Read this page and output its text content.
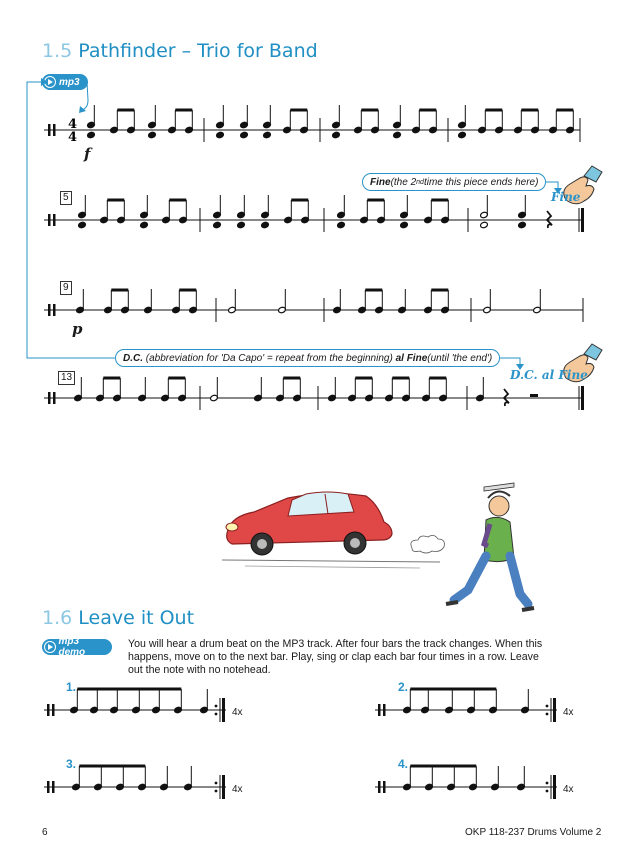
1.5 Pathfinder – Trio for Band
mp3
4
4
Fine (the 2 nd time this piece ends here)
Fine
D.C. (abbreviation for 'Da Capo' = repeat from the beginning) al Fine (until 'the end')
D.C. al Fine
f
p
5
9
13
1.6 Leave it Out
mp3 demo
You will hear a drum beat on the MP3 track. After four bars the track changes. When this happens, move on to the next bar. Play, sing or clap each bar four times in a row. Leave out the note with no notehead.
1.	2.
3.	4.
4x	4x
4x	4x
6	OKP 118-237 Drums Volume 2
